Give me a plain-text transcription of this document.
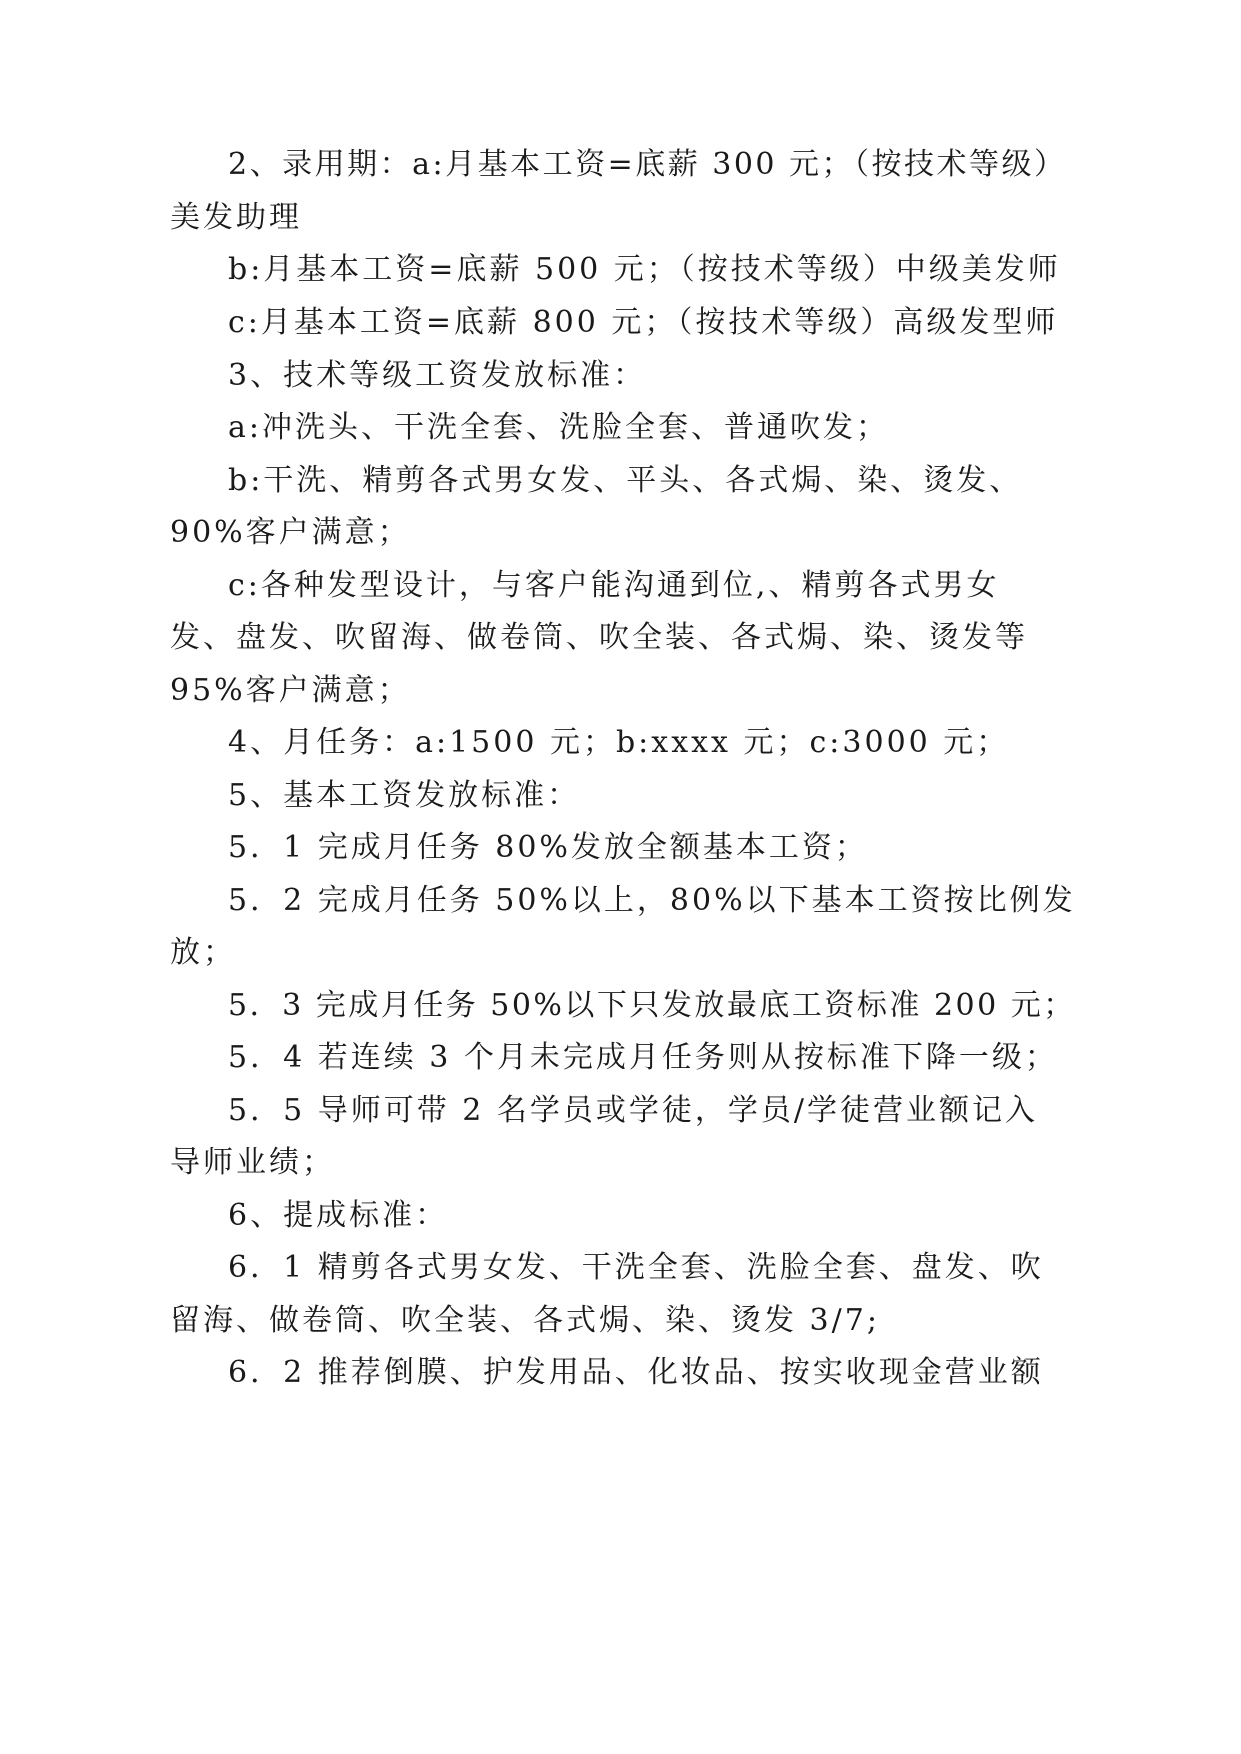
2、录用期：a:月基本工资=底薪 300 元；（按技术等级）
美发助理
b:月基本工资=底薪 500 元；（按技术等级）中级美发师
c:月基本工资=底薪 800 元；（按技术等级）高级发型师
3、技术等级工资发放标准：
a:冲洗头、干洗全套、洗脸全套、普通吹发；
b:干洗、精剪各式男女发、平头、各式焗、染、烫发、
90%客户满意；
c:各种发型设计，与客户能沟通到位,、精剪各式男女
发、盘发、吹留海、做卷筒、吹全装、各式焗、染、烫发等
95%客户满意；
4、月任务：a:1500 元；b:xxxx 元；c:3000 元；
5、基本工资发放标准：
5．1 完成月任务 80%发放全额基本工资；
5．2 完成月任务 50%以上，80%以下基本工资按比例发
放；
5．3 完成月任务 50%以下只发放最底工资标准 200 元；
5．4 若连续 3 个月未完成月任务则从按标准下降一级；
5．5 导师可带 2 名学员或学徒，学员/学徒营业额记入
导师业绩；
6、提成标准：
6．1 精剪各式男女发、干洗全套、洗脸全套、盘发、吹
留海、做卷筒、吹全装、各式焗、染、烫发 3/7;
6．2 推荐倒膜、护发用品、化妆品、按实收现金营业额
